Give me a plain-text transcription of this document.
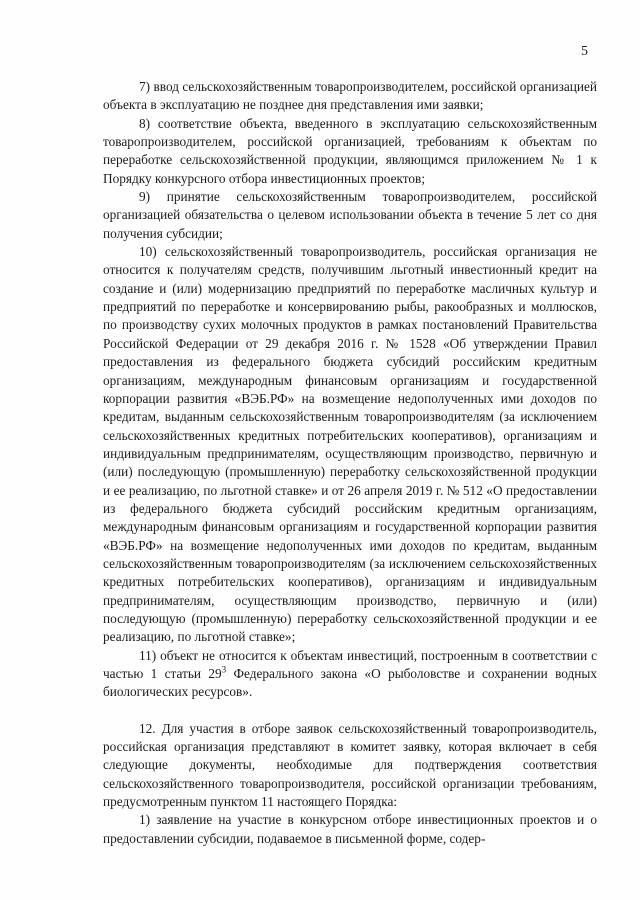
5

7) ввод сельскохозяйственным товаропроизводителем, российской организацией объекта в эксплуатацию не позднее дня представления ими заявки;

8) соответствие объекта, введенного в эксплуатацию сельскохозяйственным товаропроизводителем, российской организацией, требованиям к объектам по переработке сельскохозяйственной продукции, являющимся приложением № 1 к Порядку конкурсного отбора инвестиционных проектов;

9) принятие сельскохозяйственным товаропроизводителем, российской организацией обязательства о целевом использовании объекта в течение 5 лет со дня получения субсидии;

10) сельскохозяйственный товаропроизводитель, российская организация не относится к получателям средств, получившим льготный инвестионный кредит на создание и (или) модернизацию предприятий по переработке масличных культур и предприятий по переработке и консервированию рыбы, ракообразных и моллюсков, по производству сухих молочных продуктов в рамках постановлений Правительства Российской Федерации от 29 декабря 2016 г. № 1528 «Об утверждении Правил предоставления из федерального бюджета субсидий российским кредитным организациям, международным финансовым организациям и государственной корпорации развития «ВЭБ.РФ» на возмещение недополученных ими доходов по кредитам, выданным сельскохозяйственным товаропроизводителям (за исключением сельскохозяйственных кредитных потребительских кооперативов), организациям и индивидуальным предпринимателям, осуществляющим производство, первичную и (или) последующую (промышленную) переработку сельскохозяйственной продукции и ее реализацию, по льготной ставке» и от 26 апреля 2019 г. № 512 «О предоставлении из федерального бюджета субсидий российским кредитным организациям, международным финансовым организациям и государственной корпорации развития «ВЭБ.РФ» на возмещение недополученных ими доходов по кредитам, выданным сельскохозяйственным товаропроизводителям (за исключением сельскохозяйственных кредитных потребительских кооперативов), организациям и индивидуальным предпринимателям, осуществляющим производство, первичную и (или) последующую (промышленную) переработку сельскохозяйственной продукции и ее реализацию, по льготной ставке»;

11) объект не относится к объектам инвестиций, построенным в соответствии с частью 1 статьи $29^3$ Федерального закона «О рыболовстве и сохранении водных биологических ресурсов».

12. Для участия в отборе заявок сельскохозяйственный товаропроизводитель, российская организация представляют в комитет заявку, которая включает в себя следующие документы, необходимые для подтверждения соответствия сельскохозяйственного товаропроизводителя, российской организации требованиям, предусмотренным пунктом 11 настоящего Порядка:

1) заявление на участие в конкурсном отборе инвестиционных проектов и о предоставлении субсидии, подаваемое в письменной форме, содер-
